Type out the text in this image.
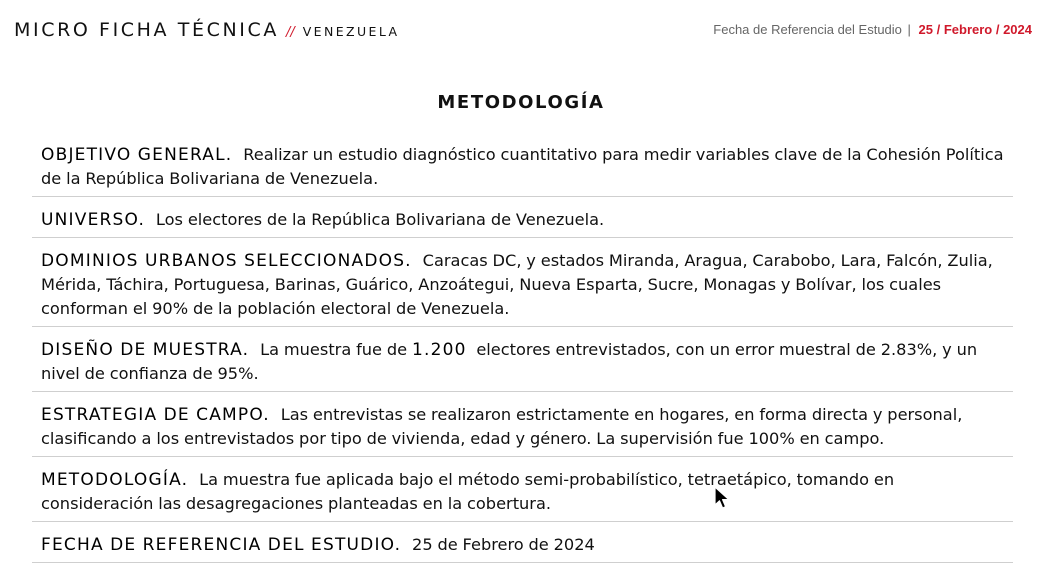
MICRO FICHA TÉCNICA // VENEZUELA	Fecha de Referencia del Estudio | 25 / Febrero / 2024
METODOLOGÍA
OBJETIVO GENERAL. Realizar un estudio diagnóstico cuantitativo para medir variables clave de la Cohesión Política de la República Bolivariana de Venezuela.
UNIVERSO. Los electores de la República Bolivariana de Venezuela.
DOMINIOS URBANOS SELECCIONADOS. Caracas DC, y estados Miranda, Aragua, Carabobo, Lara, Falcón, Zulia, Mérida, Táchira, Portuguesa, Barinas, Guárico, Anzoátegui, Nueva Esparta, Sucre, Monagas y Bolívar, los cuales conforman el 90% de la población electoral de Venezuela.
DISEÑO DE MUESTRA. La muestra fue de 1.200 electores entrevistados, con un error muestral de 2.83%, y un nivel de confianza de 95%.
ESTRATEGIA DE CAMPO. Las entrevistas se realizaron estrictamente en hogares, en forma directa y personal, clasificando a los entrevistados por tipo de vivienda, edad y género. La supervisión fue 100% en campo.
METODOLOGÍA. La muestra fue aplicada bajo el método semi-probabilístico, tetraetápico, tomando en consideración las desagregaciones planteadas en la cobertura.
FECHA DE REFERENCIA DEL ESTUDIO. 25 de Febrero de 2024
